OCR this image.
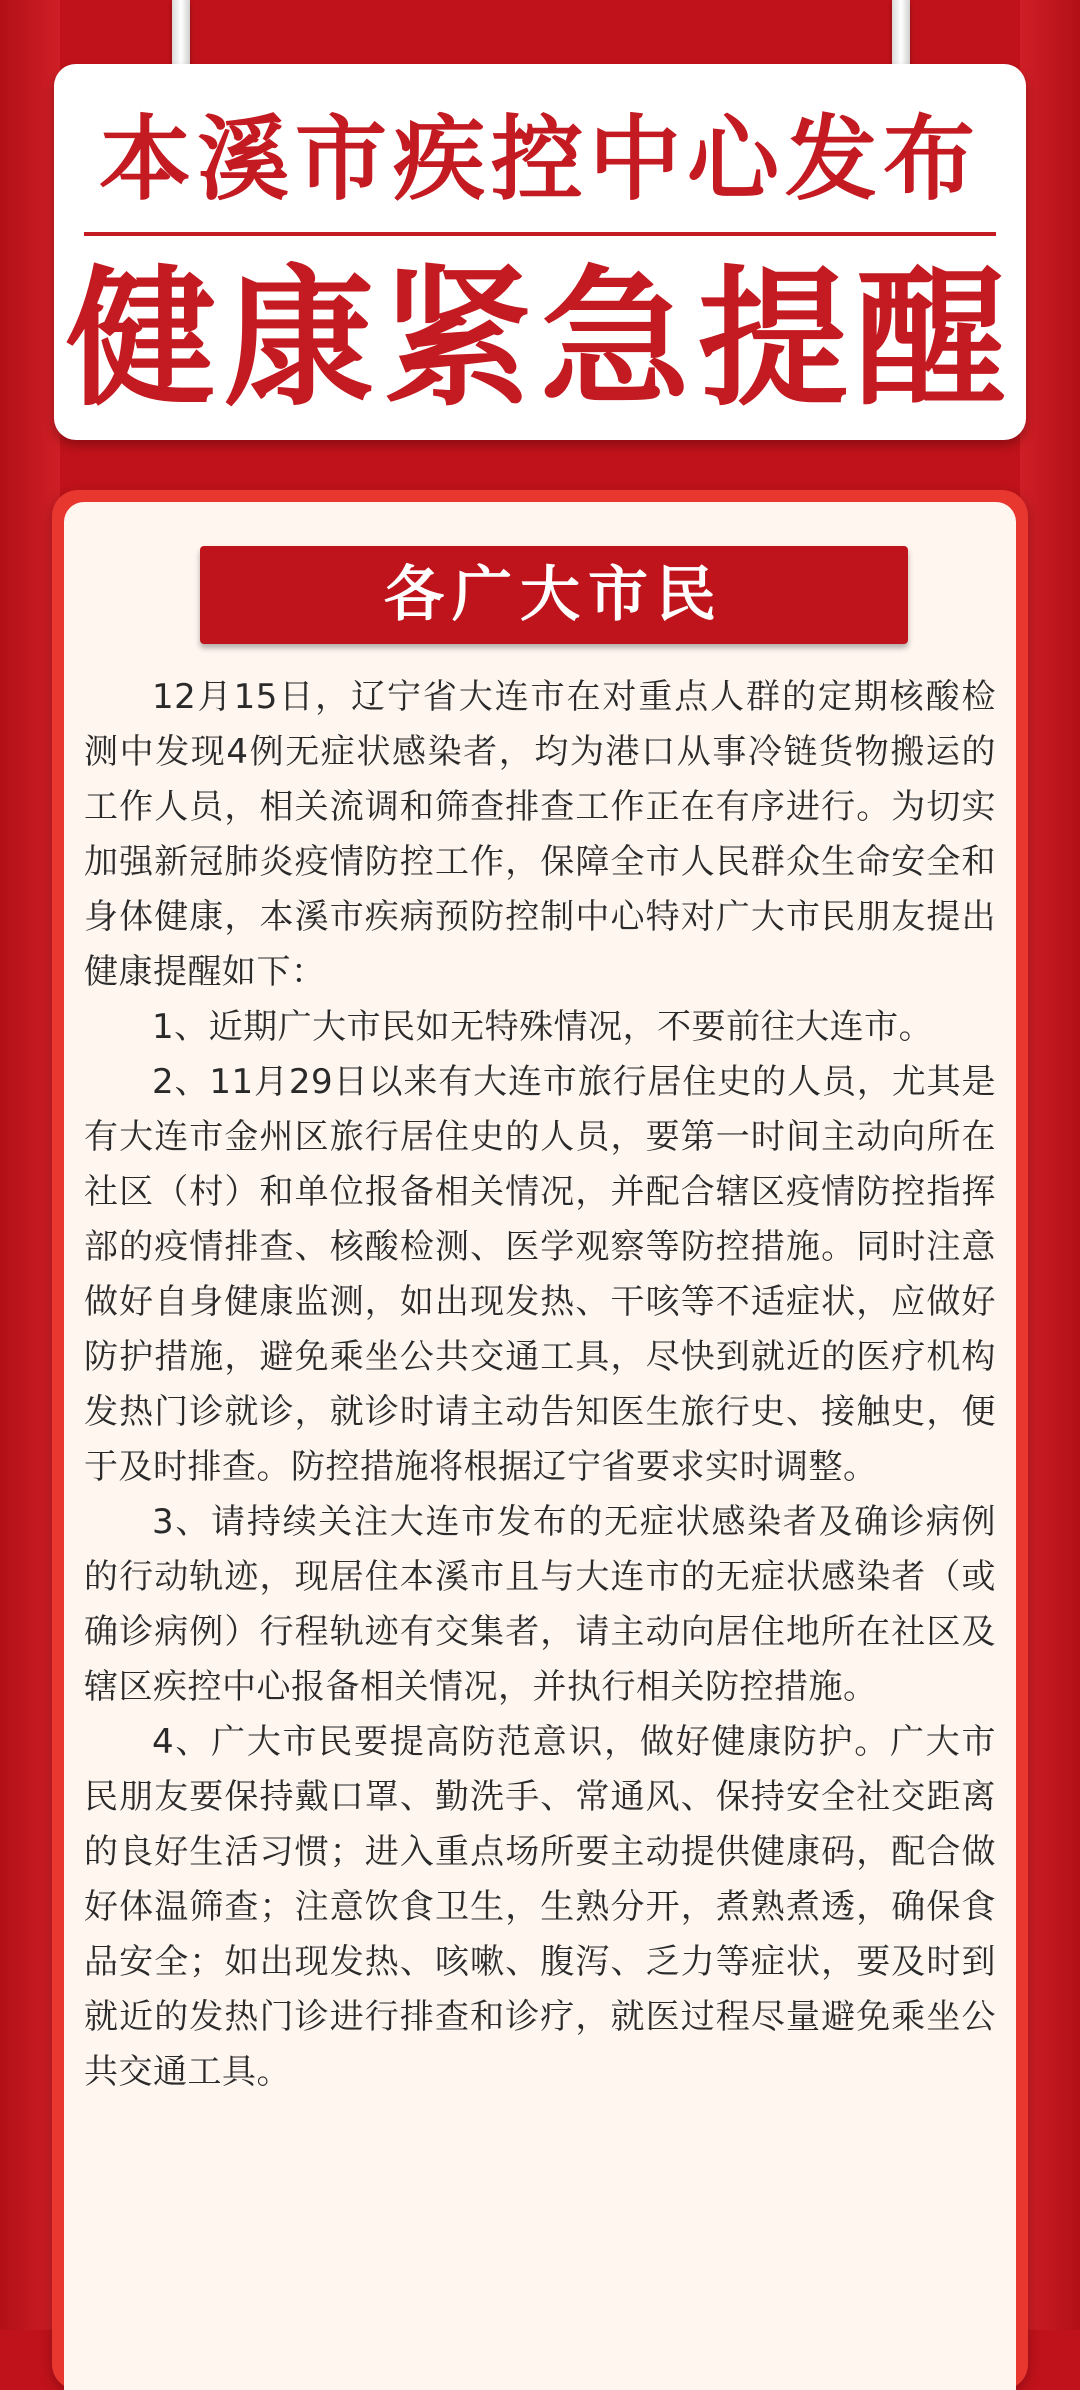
本溪市疾控中心发布
健康紧急提醒
各广大市民

12月15日，辽宁省大连市在对重点人群的定期核酸检测中发现4例无症状感染者，均为港口从事冷链货物搬运的工作人员，相关流调和筛查排查工作正在有序进行。为切实加强新冠肺炎疫情防控工作，保障全市人民群众生命安全和身体健康，本溪市疾病预防控制中心特对广大市民朋友提出健康提醒如下：

1、近期广大市民如无特殊情况，不要前往大连市。

2、11月29日以来有大连市旅行居住史的人员，尤其是有大连市金州区旅行居住史的人员，要第一时间主动向所在社区（村）和单位报备相关情况，并配合辖区疫情防控指挥部的疫情排查、核酸检测、医学观察等防控措施。同时注意做好自身健康监测，如出现发热、干咳等不适症状，应做好防护措施，避免乘坐公共交通工具，尽快到就近的医疗机构发热门诊就诊，就诊时请主动告知医生旅行史、接触史，便于及时排查。防控措施将根据辽宁省要求实时调整。

3、请持续关注大连市发布的无症状感染者及确诊病例的行动轨迹，现居住本溪市且与大连市的无症状感染者（或确诊病例）行程轨迹有交集者，请主动向居住地所在社区及辖区疾控中心报备相关情况，并执行相关防控措施。

4、广大市民要提高防范意识，做好健康防护。广大市民朋友要保持戴口罩、勤洗手、常通风、保持安全社交距离的良好生活习惯；进入重点场所要主动提供健康码，配合做好体温筛查；注意饮食卫生，生熟分开，煮熟煮透，确保食品安全；如出现发热、咳嗽、腹泻、乏力等症状，要及时到就近的发热门诊进行排查和诊疗，就医过程尽量避免乘坐公共交通工具。
